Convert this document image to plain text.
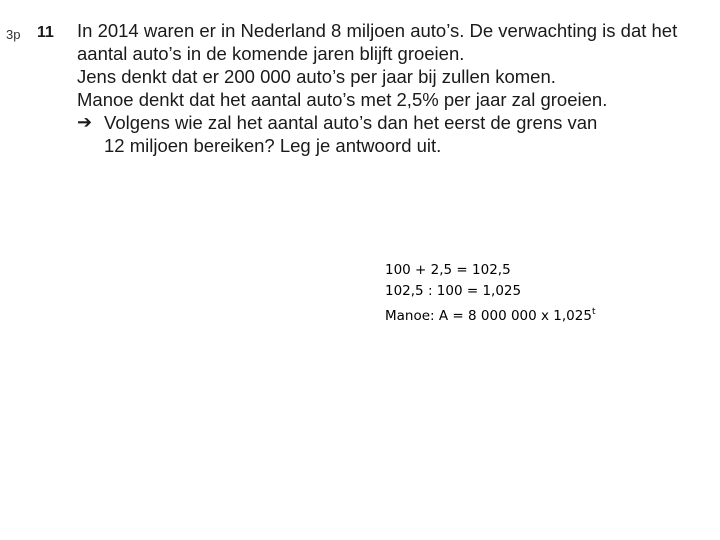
3p 11 In 2014 waren er in Nederland 8 miljoen auto’s. De verwachting is dat het
aantal auto’s in de komende jaren blijft groeien.
Jens denkt dat er 200 000 auto’s per jaar bij zullen komen.
Manoe denkt dat het aantal auto’s met 2,5% per jaar zal groeien.
➔ Volgens wie zal het aantal auto’s dan het eerst de grens van
12 miljoen bereiken? Leg je antwoord uit.
100 + 2,5 = 102,5
102,5 : 100 = 1,025
Manoe: A = 8 000 000 x 1,025$^t$
